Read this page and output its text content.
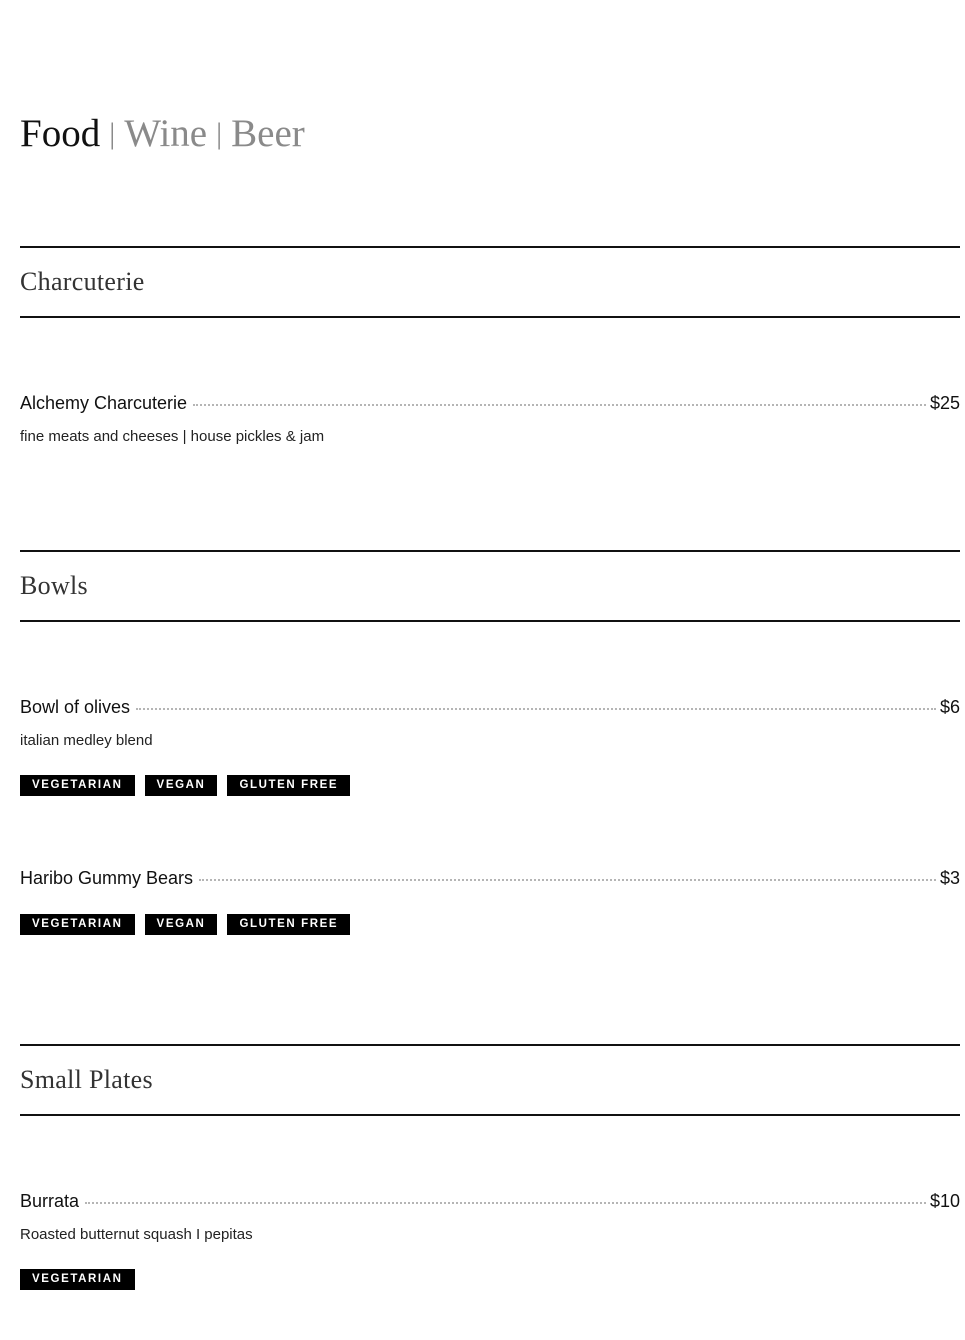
Food | Wine | Beer
Charcuterie
Alchemy Charcuterie	$25
fine meats and cheeses | house pickles & jam
Bowls
Bowl of olives	$6
italian medley blend
VEGETARIAN	VEGAN	GLUTEN FREE
Haribo Gummy Bears	$3
VEGETARIAN	VEGAN	GLUTEN FREE
Small Plates
Burrata	$10
Roasted butternut squash I pepitas
VEGETARIAN
